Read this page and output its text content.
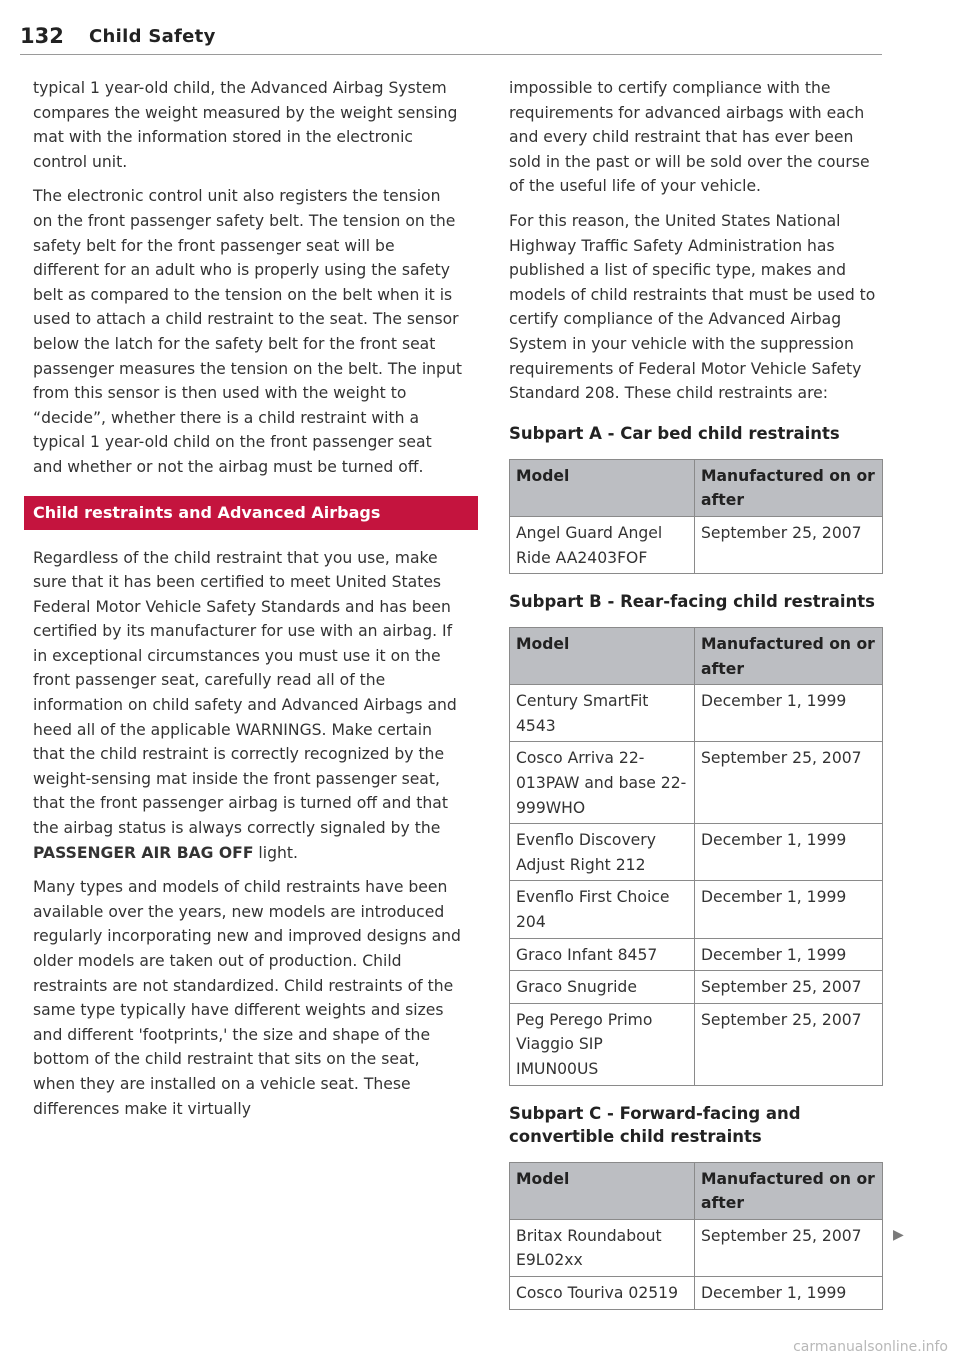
132 Child Safety

typical 1 year-old child, the Advanced Airbag System compares the weight measured by the weight sensing mat with the information stored in the electronic control unit.

The electronic control unit also registers the tension on the front passenger safety belt. The tension on the safety belt for the front passenger seat will be different for an adult who is properly using the safety belt as compared to the tension on the belt when it is used to attach a child restraint to the seat. The sensor below the latch for the safety belt for the front seat passenger measures the tension on the belt. The input from this sensor is then used with the weight to “decide”, whether there is a child restraint with a typical 1 year-old child on the front passenger seat and whether or not the airbag must be turned off.

Child restraints and Advanced Airbags

Regardless of the child restraint that you use, make sure that it has been certified to meet United States Federal Motor Vehicle Safety Standards and has been certified by its manufacturer for use with an airbag. If in exceptional circumstances you must use it on the front passenger seat, carefully read all of the information on child safety and Advanced Airbags and heed all of the applicable WARNINGS. Make certain that the child restraint is correctly recognized by the weight-sensing mat inside the front passenger seat, that the front passenger airbag is turned off and that the airbag status is always correctly signaled by the PASSENGER AIR BAG OFF light.

Many types and models of child restraints have been available over the years, new models are introduced regularly incorporating new and improved designs and older models are taken out of production. Child restraints are not standardized. Child restraints of the same type typically have different weights and sizes and different 'footprints,' the size and shape of the bottom of the child restraint that sits on the seat, when they are installed on a vehicle seat. These differences make it virtually

impossible to certify compliance with the requirements for advanced airbags with each and every child restraint that has ever been sold in the past or will be sold over the course of the useful life of your vehicle.

For this reason, the United States National Highway Traffic Safety Administration has published a list of specific type, makes and models of child restraints that must be used to certify compliance of the Advanced Airbag System in your vehicle with the suppression requirements of Federal Motor Vehicle Safety Standard 208. These child restraints are:

Subpart A - Car bed child restraints
Model	Manufactured on or after
Angel Guard Angel Ride AA2403FOF	September 25, 2007
Subpart B - Rear-facing child restraints
Model	Manufactured on or after
Century SmartFit 4543	December 1, 1999
Cosco Arriva 22-013PAW and base 22-999WHO	September 25, 2007
Evenflo Discovery Adjust Right 212	December 1, 1999
Evenflo First Choice 204	December 1, 1999
Graco Infant 8457	December 1, 1999
Graco Snugride	September 25, 2007
Peg Perego Primo Viaggio SIP IMUN00US	September 25, 2007
Subpart C - Forward-facing and convertible child restraints
Model	Manufactured on or after
Britax Roundabout E9L02xx	September 25, 2007
Cosco Touriva 02519	December 1, 1999
▶
carmanualsonline.info
